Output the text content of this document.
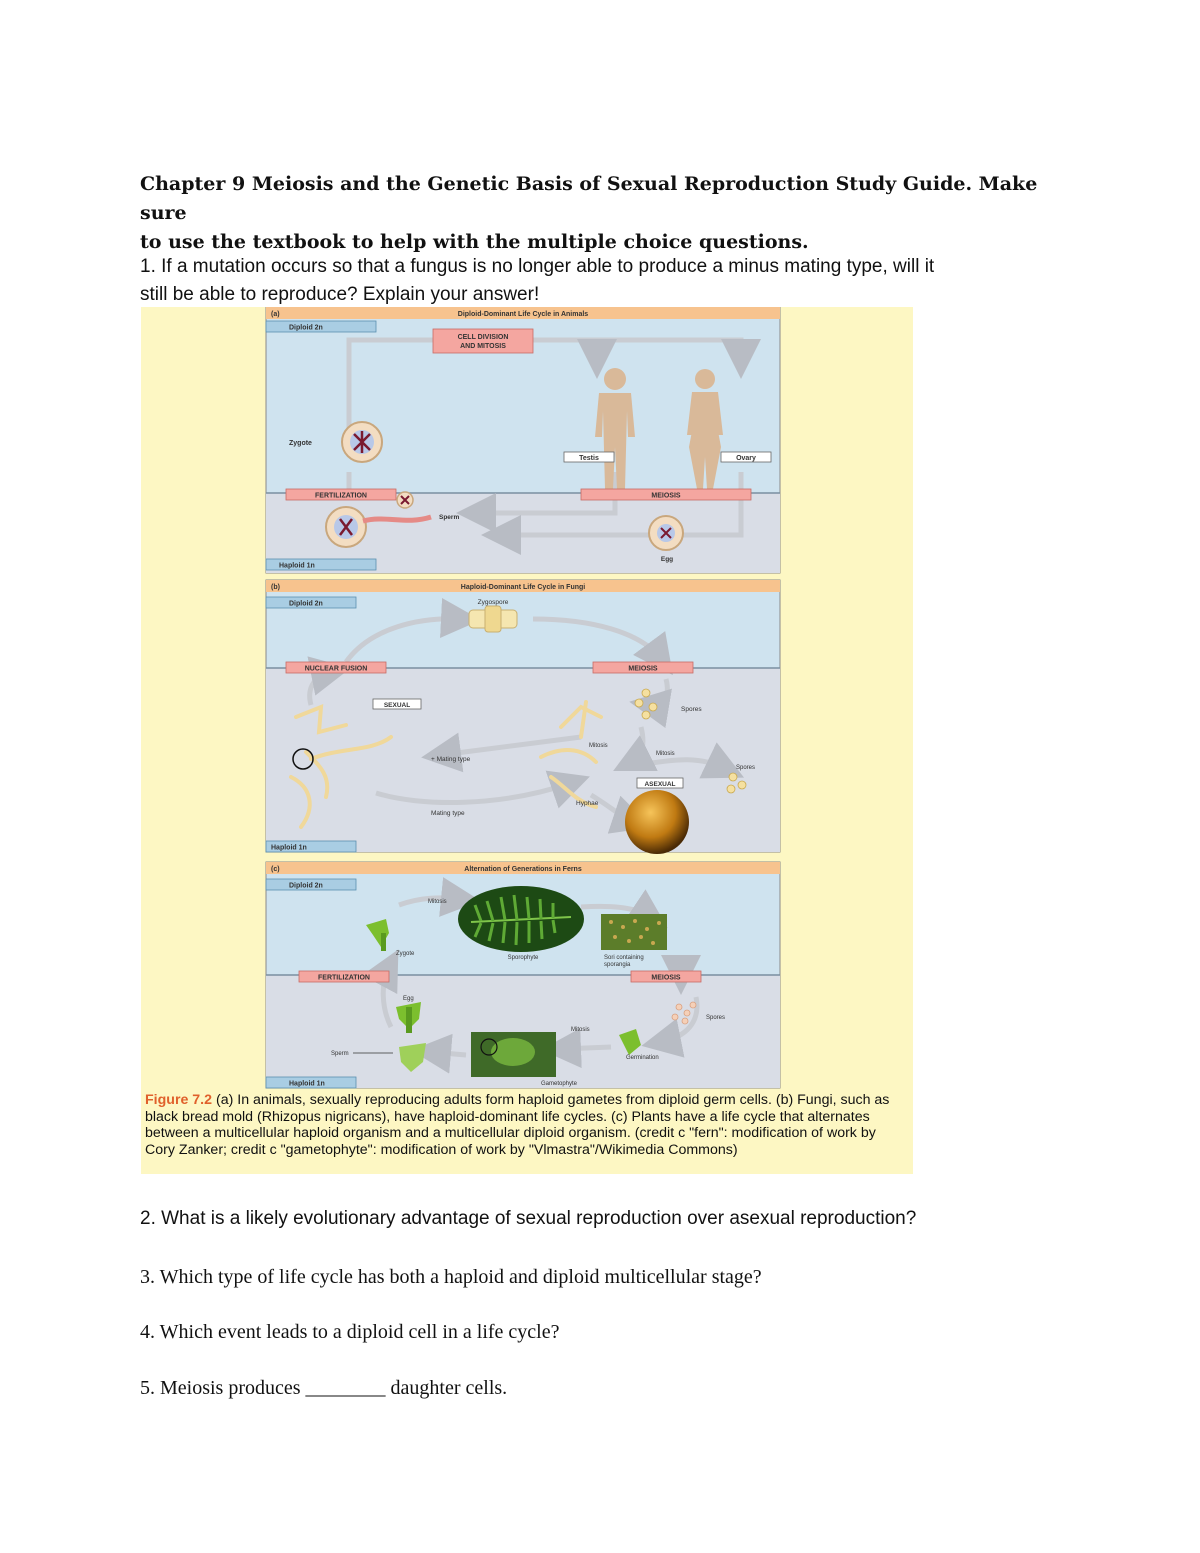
Chapter 9 Meiosis and the Genetic Basis of Sexual Reproduction Study Guide. Make sure
to use the textbook to help with the multiple choice questions.
1. If a mutation occurs so that a fungus is no longer able to produce a minus mating type, will it
still be able to reproduce? Explain your answer!
(a)	Diploid-Dominant Life Cycle in Animals
Diploid 2n
Haploid 1n
CELL DIVISION
AND MITOSIS
Zygote
Testis	Ovary
FERTILIZATION	MEIOSIS
Sperm
Egg
(b)	Haploid-Dominant Life Cycle in Fungi
Diploid 2n
Haploid 1n
Zygospore
NUCLEAR FUSION	MEIOSIS
SEXUAL
+ Mating type
Mating type
Spores
Mitosis
Mitosis
Spores
ASEXUAL
Hyphae
(c)	Alternation of Generations in Ferns
Diploid 2n
Haploid 1n
Mitosis
Sporophyte	Sori containing
sporangia
Zygote
FERTILIZATION	MEIOSIS
Egg
Sperm
Gametophyte
Spores
Mitosis
Germination
Figure 7.2 (a) In animals, sexually reproducing adults form haploid gametes from diploid germ cells. (b) Fungi, such as black bread mold (Rhizopus nigricans), have haploid-dominant life cycles. (c) Plants have a life cycle that alternates between a multicellular haploid organism and a multicellular diploid organism. (credit c "fern": modification of work by Cory Zanker; credit c "gametophyte": modification of work by "Vlmastra"/Wikimedia Commons)
2. What is a likely evolutionary advantage of sexual reproduction over asexual reproduction?
3. Which type of life cycle has both a haploid and diploid multicellular stage?
4. Which event leads to a diploid cell in a life cycle?
5. Meiosis produces ________ daughter cells.
